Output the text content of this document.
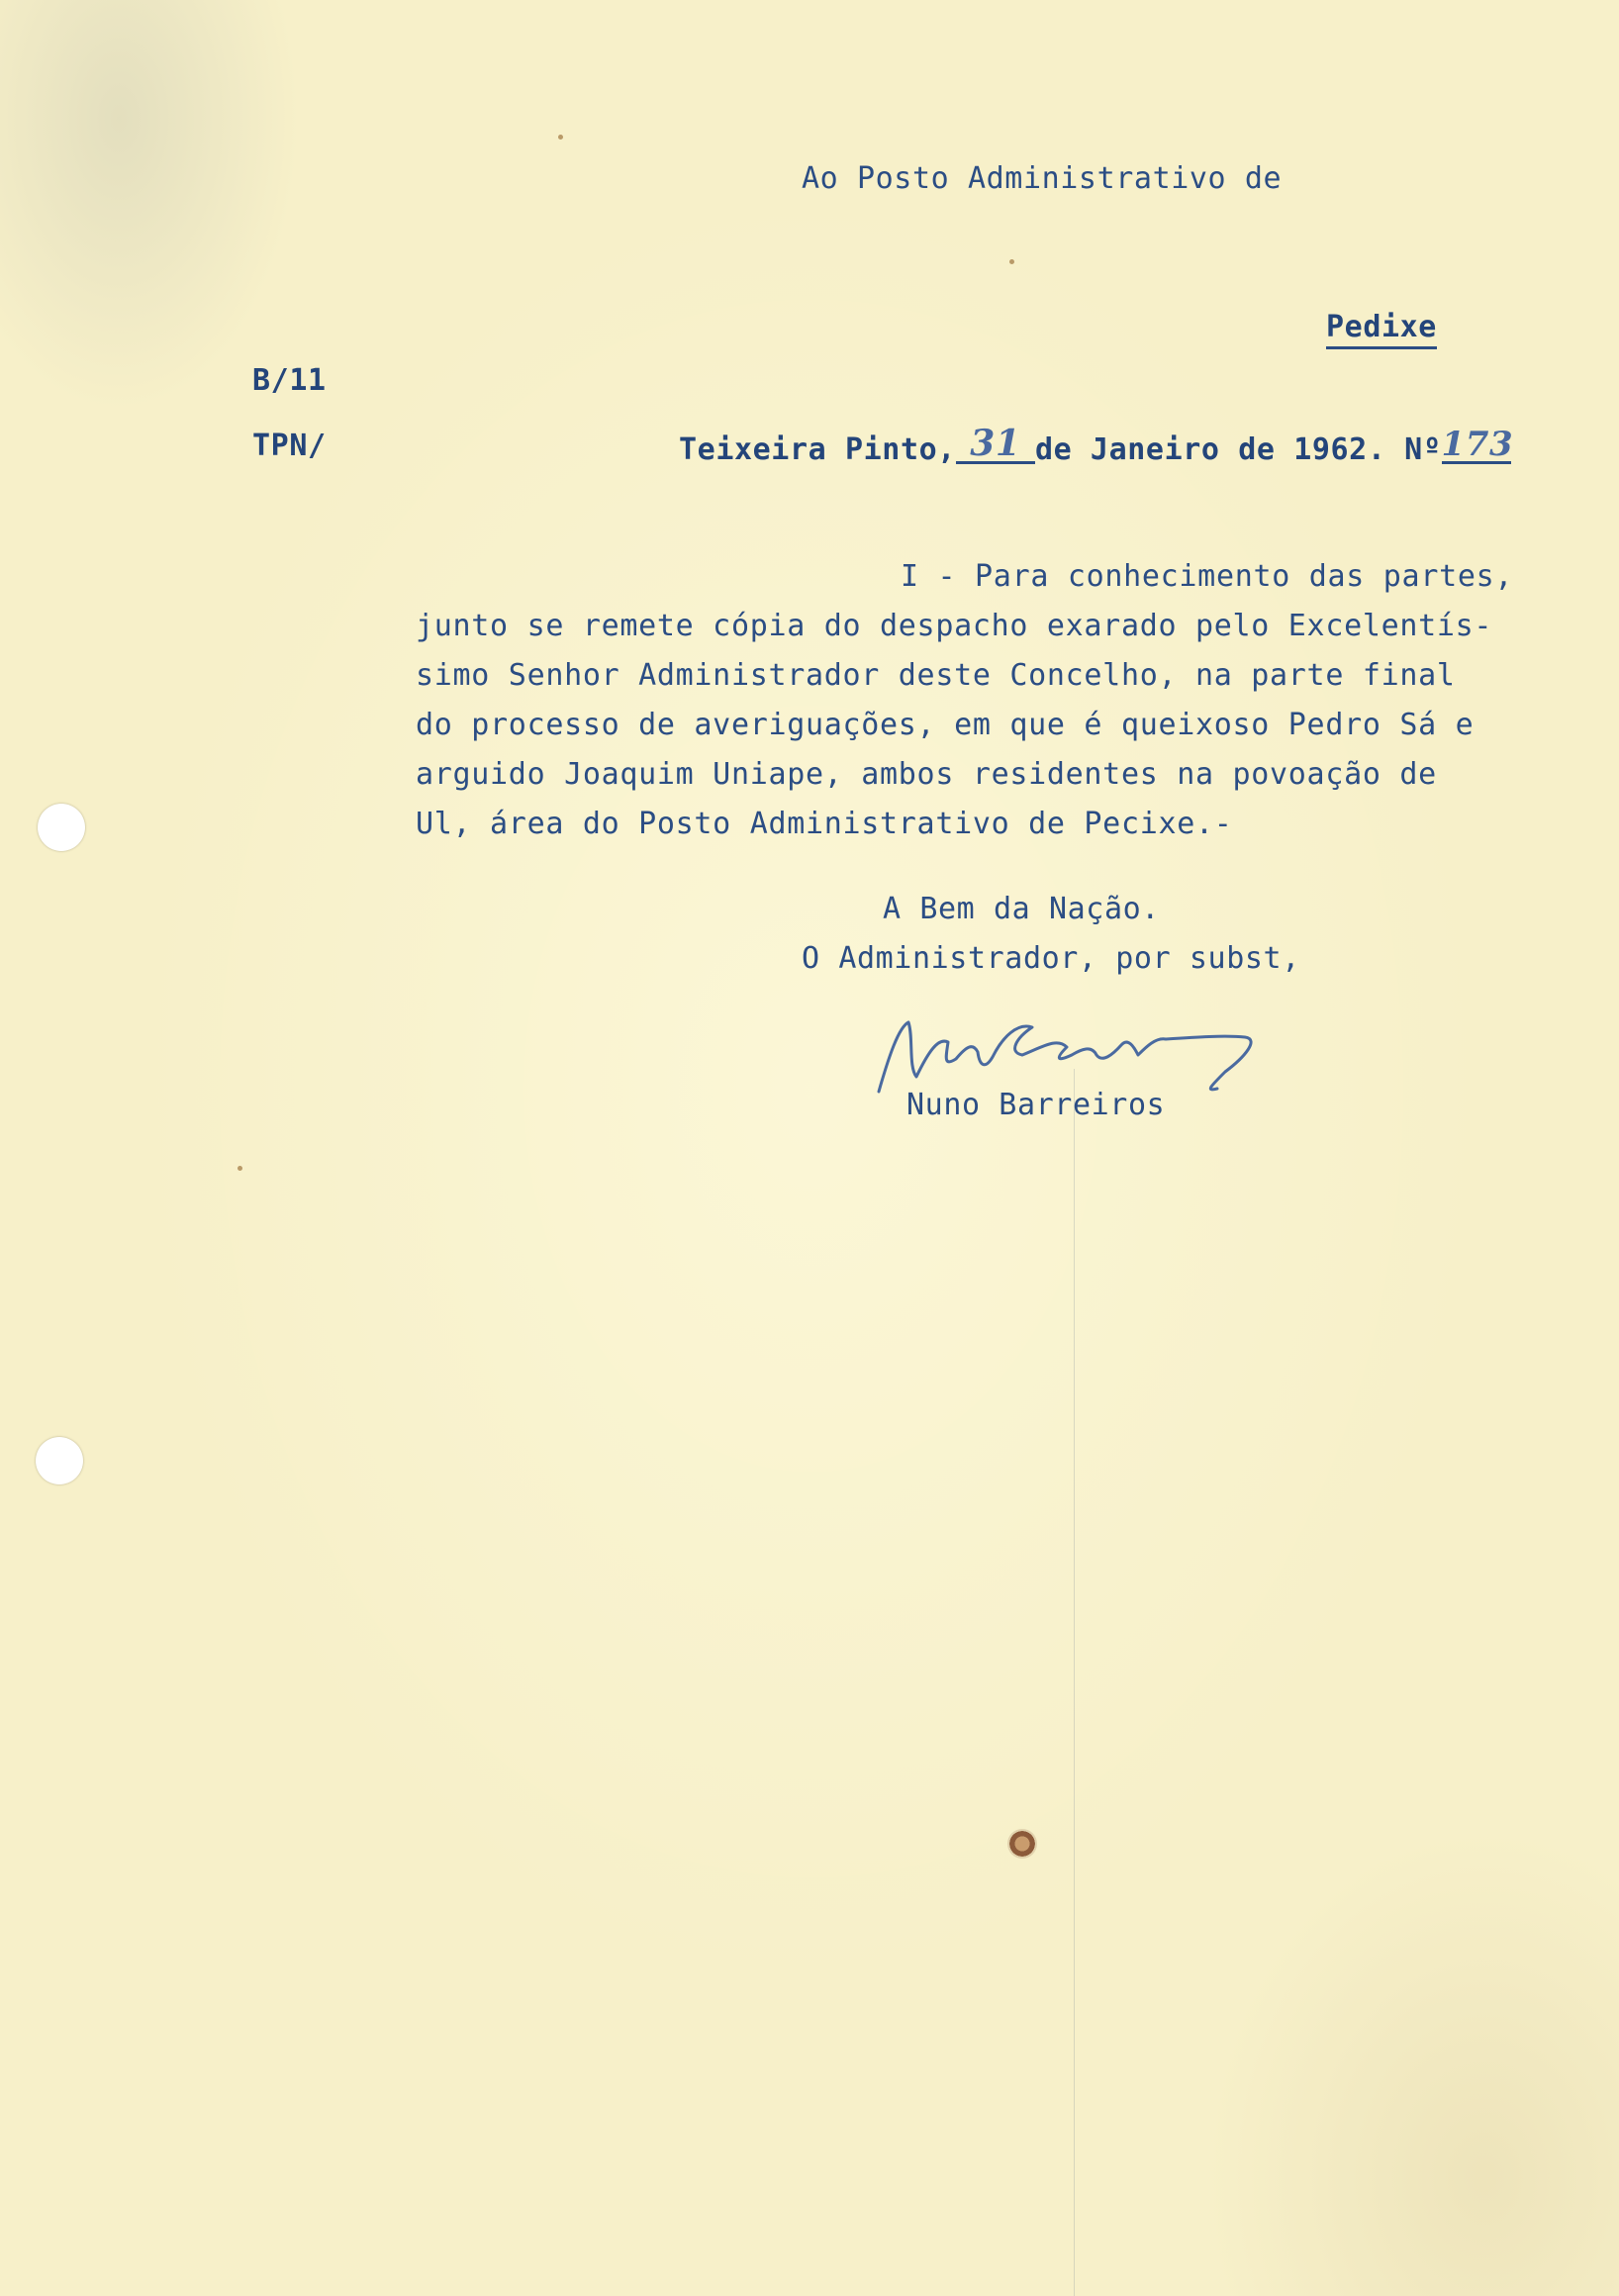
Ao Posto Administrativo de
Pedixe
B/11
TPN/	Teixeira Pinto, 31 de Janeiro de 1962. Nº173
I - Para conhecimento das partes,
junto se remete cópia do despacho exarado pelo Excelentís-
simo Senhor Administrador deste Concelho, na parte final
do processo de averiguações, em que é queixoso Pedro Sá e
arguido Joaquim Uniape, ambos residentes na povoação de
Ul, área do Posto Administrativo de Pecixe.-
A Bem da Nação.
O Administrador, por subst,
Nuno Barreiros
